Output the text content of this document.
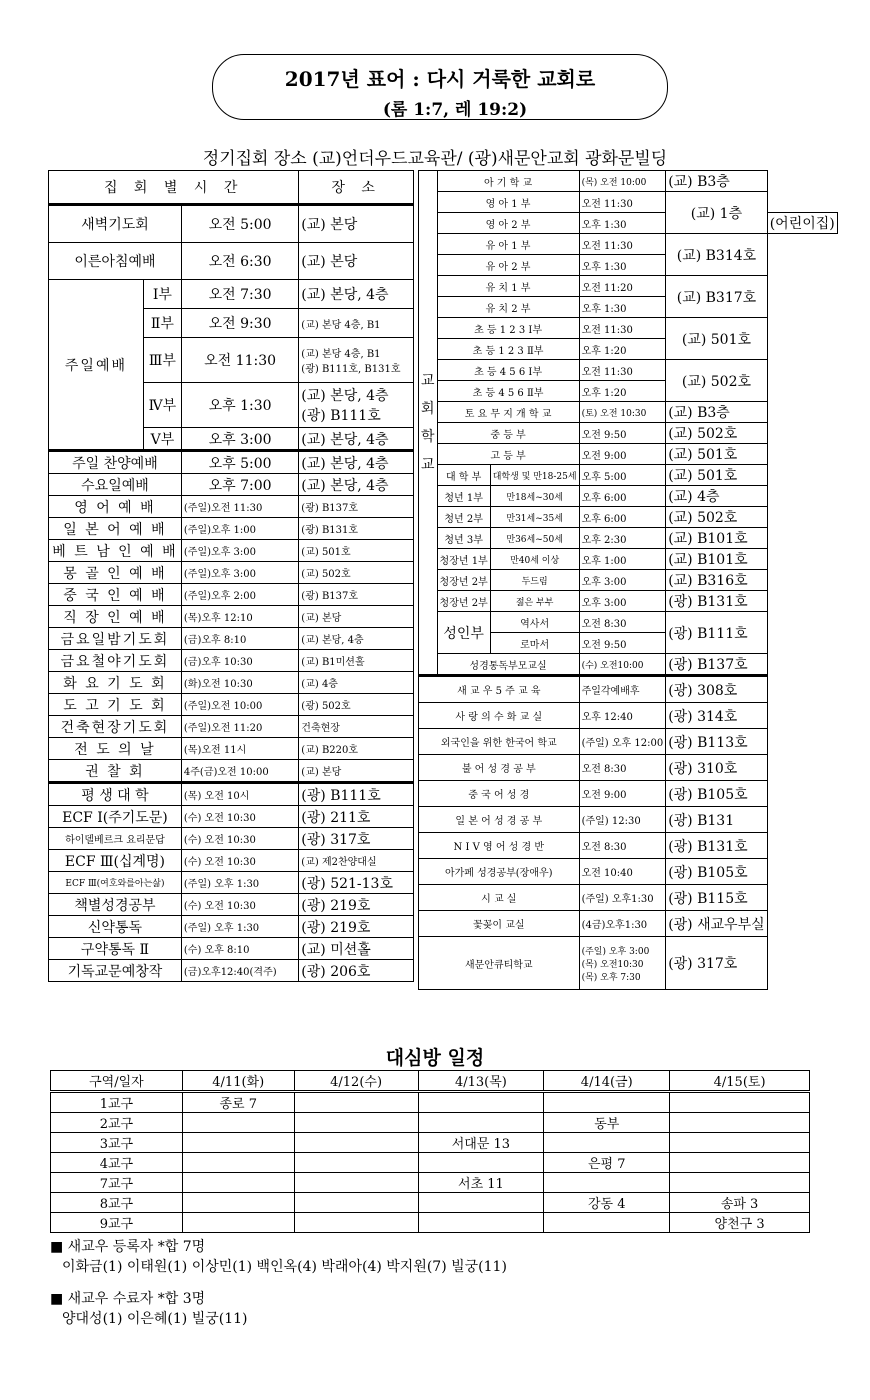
2017년 표어 : 다시 거룩한 교회로
(롬 1:7, 레 19:2)
정기집회 장소 (교)언더우드교육관/ (광)새문안교회 광화문빌딩
집 회 별 시 간			장 소
새벽기도회		오전 5:00	(교) 본당
이른아침예배		오전 6:30	(교) 본당
주일예배	Ⅰ부	오전 7:30	(교) 본당, 4층
	Ⅱ부	오전 9:30	(교) 본당 4층, B1
	Ⅲ부	오전 11:30	(교) 본당 4층, B1
(광) B111호, B131호

	Ⅳ부	오후 1:30	(교) 본당, 4층
(광) B111호

	Ⅴ부	오후 3:00	(교) 본당, 4층
주일 찬양예배		오후 5:00	(교) 본당, 4층
수요일예배		오후 7:00	(교) 본당, 4층
영 어 예 배		(주일)오전 11:30	(광) B137호
일 본 어 예 배		(주일)오후 1:00	(광) B131호
베 트 남 인 예 배		(주일)오후 3:00	(교) 501호
몽 골 인 예 배		(주일)오후 3:00	(교) 502호
중 국 인 예 배		(주일)오후 2:00	(광) B137호
직 장 인 예 배		(목)오후 12:10	(교) 본당
금요일밤기도회		(금)오후 8:10	(교) 본당, 4층
금요철야기도회		(금)오후 10:30	(교) B1미션홀
화 요 기 도 회		(화)오전 10:30	(교) 4층
도 고 기 도 회		(주일)오전 10:00	(광) 502호
건축현장기도회		(주일)오전 11:20	건축현장
전 도 의 날		(목)오전 11시	(교) B220호
권 찰 회		4주(금)오전 10:00	(교) 본당
평 생 대 학		(목) 오전 10시	(광) B111호
ECF Ⅰ(주기도문)		(수) 오전 10:30	(광) 211호
하이델베르크 요리문답		(수) 오전 10:30	(광) 317호
ECF Ⅲ(십계명)		(수) 오전 10:30	(교) 제2찬양대실
ECF Ⅲ(여호와를아는삶)		(주일) 오후 1:30	(광) 521-13호
책별성경공부		(수) 오전 10:30	(광) 219호
신약통독		(주일) 오후 1:30	(광) 219호
구약통독 Ⅱ		(수) 오후 8:10	(교) 미션홀
기독교문예창작		(금)오후12:40(격주)	(광) 206호
교
회
학
교	아 기 학 교		(목) 오전 10:00	(교) B3층	
	영 아 1 부		오전 11:30	(교) 1층	
	영 아 2 부		오후 1:30		(어린이집)
	유 아 1 부		오전 11:30	(교) B314호	
	유 아 2 부		오후 1:30		
	유 치 1 부		오전 11:20	(교) B317호	
	유 치 2 부		오후 1:30		
	초 등 1 2 3 Ⅰ부		오전 11:30	(교) 501호	
	초 등 1 2 3 Ⅱ부		오후 1:20		
	초 등 4 5 6 Ⅰ부		오전 11:30	(교) 502호	
	초 등 4 5 6 Ⅱ부		오후 1:20		
	토 요 무 지 개 학 교		(토) 오전 10:30	(교) B3층	
	중 등 부		오전 9:50	(교) 502호	
	고 등 부		오전 9:00	(교) 501호	
	대 학 부	대학생 및 만18-25세	오후 5:00	(교) 501호	
	청년 1부	만18세~30세	오후 6:00	(교) 4층	
	청년 2부	만31세~35세	오후 6:00	(교) 502호	
	청년 3부	만36세~50세	오후 2:30	(교) B101호	
	청장년 1부	만40세 이상	오후 1:00	(교) B101호	
	청장년 2부	두드림	오후 3:00	(교) B316호	
	청장년 2부	젊은 부부	오후 3:00	(광) B131호	
	성인부	역사서	오전 8:30	(광) B111호	
		로마서	오전 9:50		
	성경통독부모교실		(수) 오전10:00	(광) B137호	
새 교 우 5 주 교 육			주일각예배후	(광) 308호	
사 랑 의 수 화 교 실			오후 12:40	(광) 314호	
외국인을 위한 한국어 학교			(주일) 오후 12:00	(광) B113호	
불 어 성 경 공 부			오전 8:30	(광) 310호	
중 국 어 성 경			오전 9:00	(광) B105호	
일 본 어 성 경 공 부			(주일) 12:30	(광) B131	
N I V 영 어 성 경 반			오전 8:30	(광) B131호	
아가페 성경공부(장애우)			오전 10:40	(광) B105호	
시 교 실			(주일) 오후1:30	(광) B115호	
꽃꽂이 교실			(4금)오후1:30	(광) 새교우부실	
새문안큐티학교			(주일) 오후 3:00
(목) 오전10:30
(목) 오후 7:30	(광) 317호	
대심방 일정
구역/일자	4/11(화)	4/12(수)	4/13(목)	4/14(금)	4/15(토)
1교구	종로 7				
2교구				동부	
3교구			서대문 13		
4교구				은평 7	
7교구			서초 11		
8교구				강동 4	송파 3
9교구					양천구 3
■ 새교우 등록자 *합 7명
이화금(1) 이태원(1) 이상민(1) 백인옥(4) 박래아(4) 박지원(7) 빌궁(11)
■ 새교우 수료자 *합 3명
양대성(1) 이은혜(1) 빌궁(11)
